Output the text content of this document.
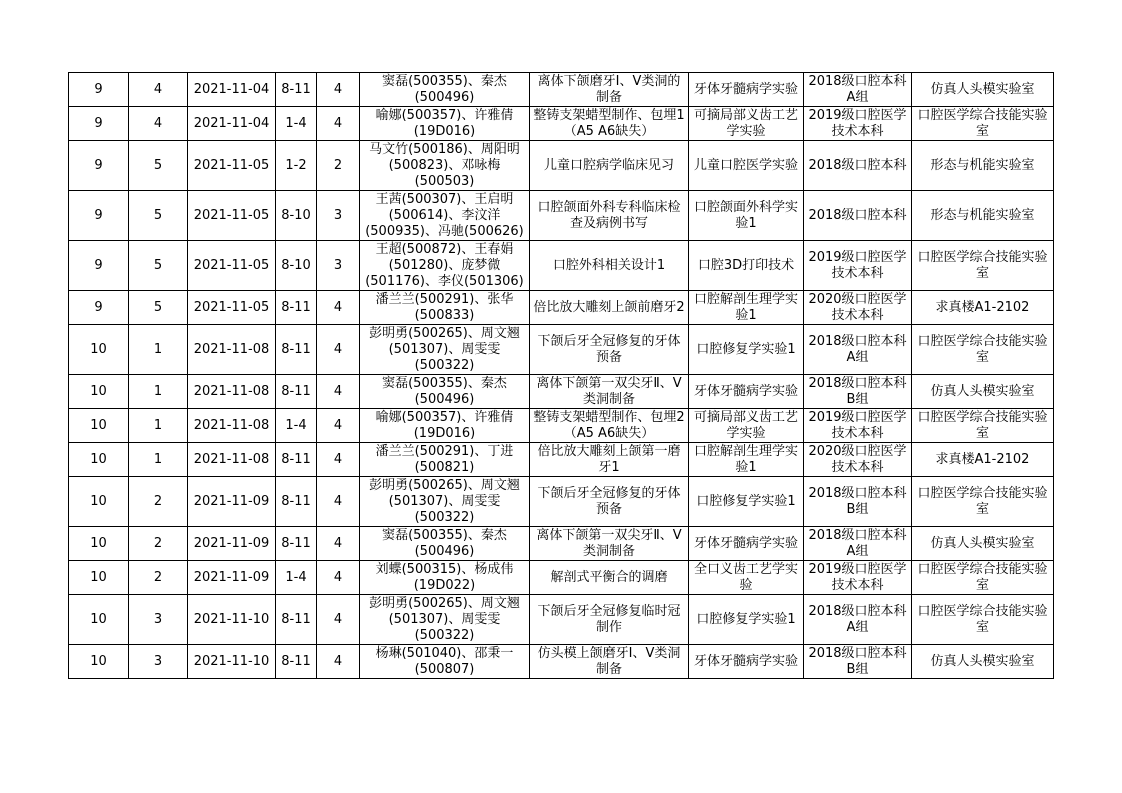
9	4	2021-11-04	8-11	4	窦磊(500355)、秦杰(500496)	离体下颌磨牙Ⅰ、Ⅴ类洞的制备	牙体牙髓病学实验	2018级口腔本科A组	仿真人头模实验室
9	4	2021-11-04	1-4	4	喻娜(500357)、许雅倩(19D016)	整铸支架蜡型制作、包埋1（A5 A6缺失）	可摘局部义齿工艺学实验	2019级口腔医学技术本科	口腔医学综合技能实验室
9	5	2021-11-05	1-2	2	马文竹(500186)、周阳明(500823)、邓咏梅(500503)	儿童口腔病学临床见习	儿童口腔医学实验	2018级口腔本科	形态与机能实验室
9	5	2021-11-05	8-10	3	王茜(500307)、王启明(500614)、李汶洋(500935)、冯驰(500626)	口腔颌面外科专科临床检查及病例书写	口腔颌面外科学实验1	2018级口腔本科	形态与机能实验室
9	5	2021-11-05	8-10	3	王超(500872)、王春娟(501280)、庞梦微(501176)、李仪(501306)	口腔外科相关设计1	口腔3D打印技术	2019级口腔医学技术本科	口腔医学综合技能实验室
9	5	2021-11-05	8-11	4	潘兰兰(500291)、张华(500833)	倍比放大雕刻上颌前磨牙2	口腔解剖生理学实验1	2020级口腔医学技术本科	求真楼A1-2102
10	1	2021-11-08	8-11	4	彭明勇(500265)、周文翘(501307)、周雯雯(500322)	下颌后牙全冠修复的牙体预备	口腔修复学实验1	2018级口腔本科A组	口腔医学综合技能实验室
10	1	2021-11-08	8-11	4	窦磊(500355)、秦杰(500496)	离体下颌第一双尖牙Ⅱ、Ⅴ类洞制备	牙体牙髓病学实验	2018级口腔本科B组	仿真人头模实验室
10	1	2021-11-08	1-4	4	喻娜(500357)、许雅倩(19D016)	整铸支架蜡型制作、包埋2（A5 A6缺失）	可摘局部义齿工艺学实验	2019级口腔医学技术本科	口腔医学综合技能实验室
10	1	2021-11-08	8-11	4	潘兰兰(500291)、丁进(500821)	倍比放大雕刻上颌第一磨牙1	口腔解剖生理学实验1	2020级口腔医学技术本科	求真楼A1-2102
10	2	2021-11-09	8-11	4	彭明勇(500265)、周文翘(501307)、周雯雯(500322)	下颌后牙全冠修复的牙体预备	口腔修复学实验1	2018级口腔本科B组	口腔医学综合技能实验室
10	2	2021-11-09	8-11	4	窦磊(500355)、秦杰(500496)	离体下颌第一双尖牙Ⅱ、Ⅴ类洞制备	牙体牙髓病学实验	2018级口腔本科A组	仿真人头模实验室
10	2	2021-11-09	1-4	4	刘蝶(500315)、杨成伟(19D022)	解剖式平衡合的调磨	全口义齿工艺学实验	2019级口腔医学技术本科	口腔医学综合技能实验室
10	3	2021-11-10	8-11	4	彭明勇(500265)、周文翘(501307)、周雯雯(500322)	下颌后牙全冠修复临时冠制作	口腔修复学实验1	2018级口腔本科A组	口腔医学综合技能实验室
10	3	2021-11-10	8-11	4	杨琳(501040)、邵秉一(500807)	仿头模上颌磨牙Ⅰ、Ⅴ类洞制备	牙体牙髓病学实验	2018级口腔本科B组	仿真人头模实验室
